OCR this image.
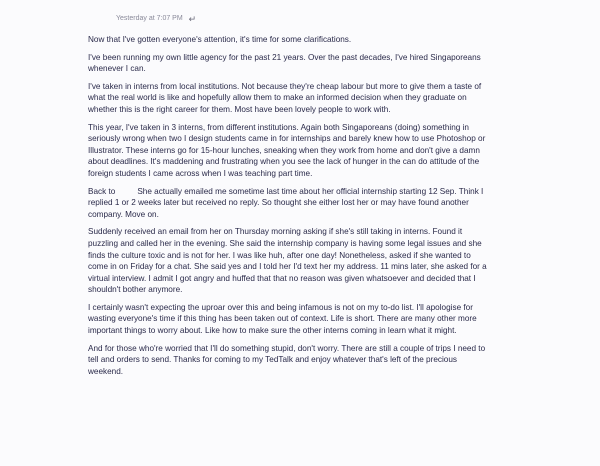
Yesterday at 7:07 PM ↵

Now that I've gotten everyone's attention, it's time for some clarifications.

I've been running my own little agency for the past 21 years. Over the past decades, I've hired Singaporeans whenever I can.

I've taken in interns from local institutions. Not because they're cheap labour but more to give them a taste of what the real world is like and hopefully allow them to make an informed decision when they graduate on whether this is the right career for them. Most have been lovely people to work with.

This year, I've taken in 3 interns, from different institutions. Again both Singaporeans (doing) something in seriously wrong when two I design students came in for internships and barely knew how to use Photoshop or Illustrator. These interns go for 15-hour lunches, sneaking when they work from home and don't give a damn about deadlines. It's maddening and frustrating when you see the lack of hunger in the can do attitude of the foreign students I came across when I was teaching part time.

Back to	She actually emailed me sometime last time about her official internship starting 12 Sep. Think I replied 1 or 2 weeks later but received no reply. So thought she either lost her or may have found another company. Move on.

Suddenly received an email from her on Thursday morning asking if she's still taking in interns. Found it puzzling and called her in the evening. She said the internship company is having some legal issues and she finds the culture toxic and is not for her. I was like huh, after one day! Nonetheless, asked if she wanted to come in on Friday for a chat. She said yes and I told her I'd text her my address. 11 mins later, she asked for a virtual interview. I admit I got angry and huffed that that no reason was given whatsoever and decided that I shouldn't bother anymore.

I certainly wasn't expecting the uproar over this and being infamous is not on my to-do list. I'll apologise for wasting everyone's time if this thing has been taken out of context. Life is short. There are many other more important things to worry about. Like how to make sure the other interns coming in learn what it might.

And for those who're worried that I'll do something stupid, don't worry. There are still a couple of trips I need to tell and orders to send. Thanks for coming to my TedTalk and enjoy whatever that's left of the precious weekend.
